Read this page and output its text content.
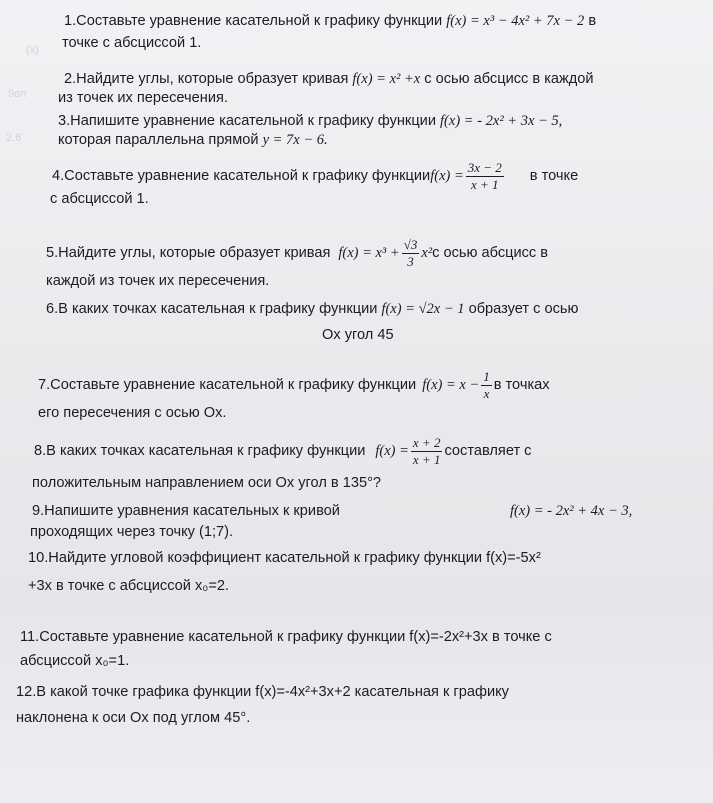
(x)
9ол
2.6
1.Составьте уравнение касательной к графику функции f(x) = x³ − 4x² + 7x − 2 в
точке с абсциссой 1.
2.Найдите углы, которые образует кривая f(x) = x² +x с осью абсцисс в каждой
из точек их пересечения.
3.Напишите уравнение касательной к графику функции f(x) = - 2x² + 3x − 5,
которая параллельна прямой y = 7x − 6.
4.Составьте уравнение касательной к графику функции $f(x) = \frac{3x - 2}{x + 1}$ в точке
с абсциссой 1.
5.Найдите углы, которые образует кривая $f(x) = x^3 + \frac{√3}{3} x^2$ с осью абсцисс в
каждой из точек их пересечения.
6.В каких точках касательная к графику функции f(x) = √2x − 1 образует с осью
Ox угол 45
7.Составьте уравнение касательной к графику функции $f(x) = x - \frac{1}{x}$ в точках
его пересечения с осью Ox.
8.В каких точках касательная к графику функции $f(x) = \frac{x + 2}{x + 1}$ составляет с
положительным направлением оси Ox угол в 135°?
9.Напишите уравнения касательных к кривой	f(x) = - 2x² + 4x − 3,
проходящих через точку (1;7).
10.Найдите угловой коэффициент касательной к графику функции f(x)=-5x²
+3x в точке с абсциссой x₀=2.
11.Составьте уравнение касательной к графику функции f(x)=-2x²+3x в точке с
абсциссой x₀=1.
12.В какой точке графика функции f(x)=-4x²+3x+2 касательная к графику
наклонена к оси Ox под углом 45°.
